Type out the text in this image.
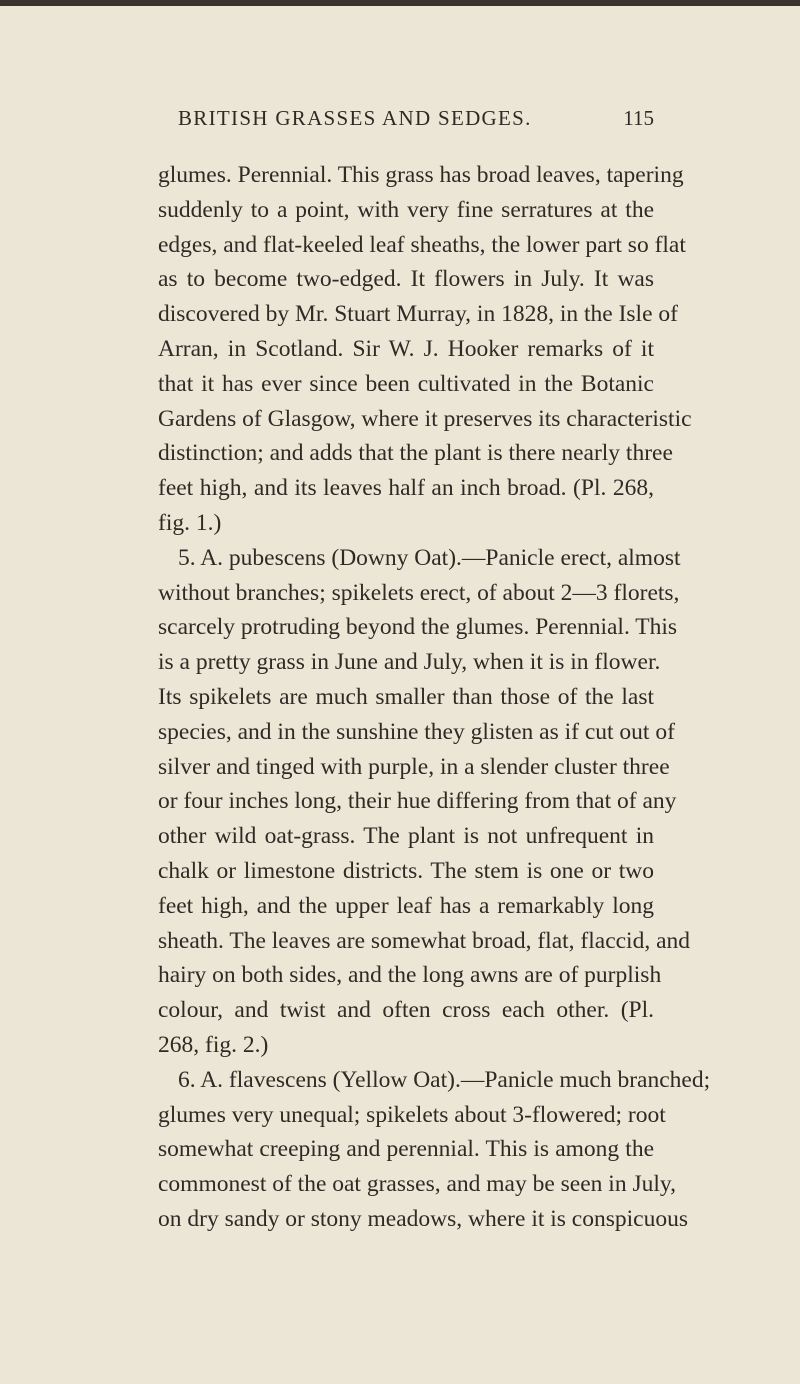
BRITISH GRASSES AND SEDGES.	115
glumes. Perennial. This grass has broad leaves, tapering
suddenly to a point, with very fine serratures at the
edges, and flat-keeled leaf sheaths, the lower part so flat
as to become two-edged. It flowers in July. It was
discovered by Mr. Stuart Murray, in 1828, in the Isle of
Arran, in Scotland. Sir W. J. Hooker remarks of it
that it has ever since been cultivated in the Botanic
Gardens of Glasgow, where it preserves its characteristic
distinction; and adds that the plant is there nearly three
feet high, and its leaves half an inch broad. (Pl. 268,
fig. 1.)
5. A. pubescens (Downy Oat).—Panicle erect, almost
without branches; spikelets erect, of about 2—3 florets,
scarcely protruding beyond the glumes. Perennial. This
is a pretty grass in June and July, when it is in flower.
Its spikelets are much smaller than those of the last
species, and in the sunshine they glisten as if cut out of
silver and tinged with purple, in a slender cluster three
or four inches long, their hue differing from that of any
other wild oat-grass. The plant is not unfrequent in
chalk or limestone districts. The stem is one or two
feet high, and the upper leaf has a remarkably long
sheath. The leaves are somewhat broad, flat, flaccid, and
hairy on both sides, and the long awns are of purplish
colour, and twist and often cross each other. (Pl.
268, fig. 2.)
6. A. flavescens (Yellow Oat).—Panicle much branched;
glumes very unequal; spikelets about 3-flowered; root
somewhat creeping and perennial. This is among the
commonest of the oat grasses, and may be seen in July,
on dry sandy or stony meadows, where it is conspicuous
